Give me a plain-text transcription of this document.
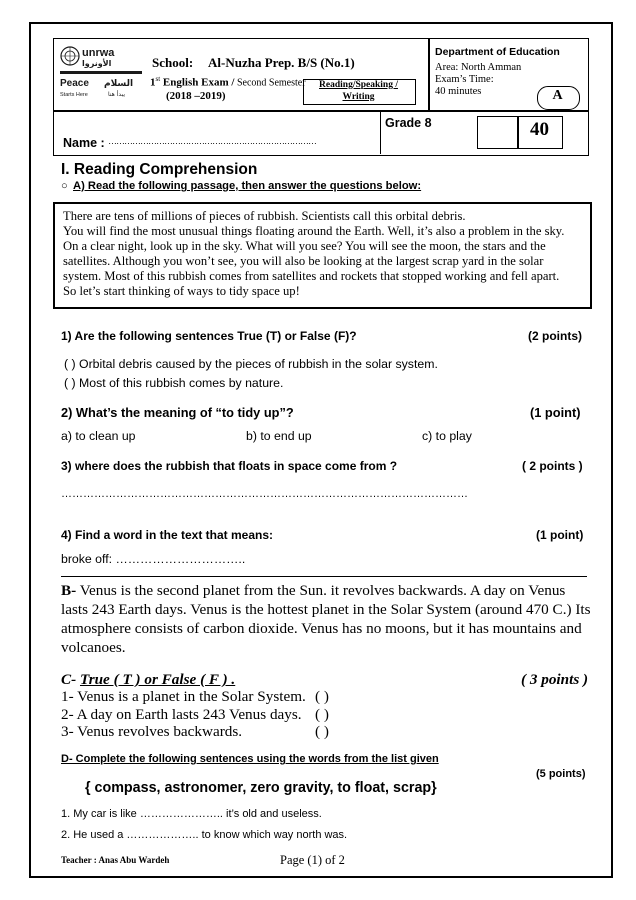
unrwa
الأونروا
Peace السلام
Starts Here	يبدأ هنا
School: Al-Nuzha Prep. B/S (No.1)
1st English Exam / Second Semester
(2018 –2019)
Reading/Speaking /
Writing
Department of Education
Area: North Amman
Exam’s Time:
40 minutes	A
Name : ……………………………………………………………………
Grade 8	40
I. Reading Comprehension
○ A) Read the following passage, then answer the questions below:
There are tens of millions of pieces of rubbish. Scientists call this orbital debris.
You will find the most unusual things floating around the Earth. Well, it’s also a problem in the sky.
On a clear night, look up in the sky. What will you see? You will see the moon, the stars and the
satellites. Although you won’t see, you will also be looking at the largest scrap yard in the solar
system. Most of this rubbish comes from satellites and rockets that stopped working and fell apart.
So let’s start thinking of ways to tidy space up!
1) Are the following sentences True (T) or False (F)?	(2 points)
( ) Orbital debris caused by the pieces of rubbish in the solar system.
( ) Most of this rubbish comes by nature.
2) What’s the meaning of “to tidy up”?	(1 point)
a) to clean up	b) to end up	c) to play
3) where does the rubbish that floats in space come from ?	( 2 points )
…………………………………………………………………………………………………
4) Find a word in the text that means:	(1 point)
broke off: …………………………..
B- Venus is the second planet from the Sun. it revolves backwards. A day on Venus
lasts 243 Earth days. Venus is the hottest planet in the Solar System (around 470 C.) Its
atmosphere consists of carbon dioxide. Venus has no moons, but it has mountains and
volcanoes.
C- True ( T ) or False ( F ) .	( 3 points )
1- Venus is a planet in the Solar System. ( )
2- A day on Earth lasts 243 Venus days. ( )
3- Venus revolves backwards.	( )
D- Complete the following sentences using the words from the list given
(5 points)
{ compass, astronomer, zero gravity, to float, scrap}
1. My car is like ………………….. it’s old and useless.
2. He used a ……………….. to know which way north was.
Teacher : Anas Abu Wardeh	Page (1) of 2
